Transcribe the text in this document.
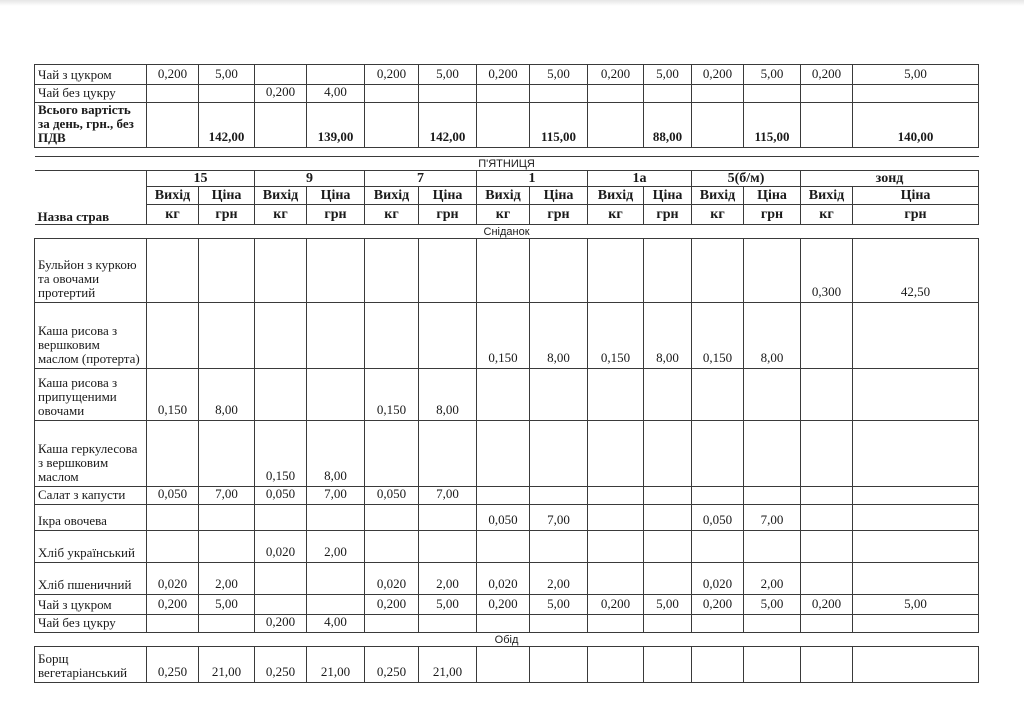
Чай з цукром	0,200	5,00			0,200	5,00	0,200	5,00	0,200	5,00	0,200	5,00	0,200	5,00
Чай без цукру			0,200	4,00										
Всього вартість за день, грн., без ПДВ		142,00		139,00		142,00		115,00		88,00		115,00		140,00
П'ЯТНИЦЯ														
	15		9		7		1		1а		5(б/м)		зонд	
	Вихід	Ціна	Вихід	Ціна	Вихід	Ціна	Вихід	Ціна	Вихід	Ціна	Вихід	Ціна	Вихід	Ціна
Назва страв	кг	грн	кг	грн	кг	грн	кг	грн	кг	грн	кг	грн	кг	грн
Сніданок														
Бульйон з куркою та овочами протертий													0,300	42,50
Каша рисова з вершковим маслом (протерта)							0,150	8,00	0,150	8,00	0,150	8,00		
Каша рисова з припущеними овочами	0,150	8,00			0,150	8,00								
Каша геркулесова з вершковим маслом			0,150	8,00										
Салат з капусти	0,050	7,00	0,050	7,00	0,050	7,00								
Ікра овочева							0,050	7,00			0,050	7,00		
Хліб український			0,020	2,00										
Хліб пшеничний	0,020	2,00			0,020	2,00	0,020	2,00			0,020	2,00		
Чай з цукром	0,200	5,00			0,200	5,00	0,200	5,00	0,200	5,00	0,200	5,00	0,200	5,00
Чай без цукру			0,200	4,00										
Обід														
Борщ вегетаріанський	0,250	21,00	0,250	21,00	0,250	21,00								
